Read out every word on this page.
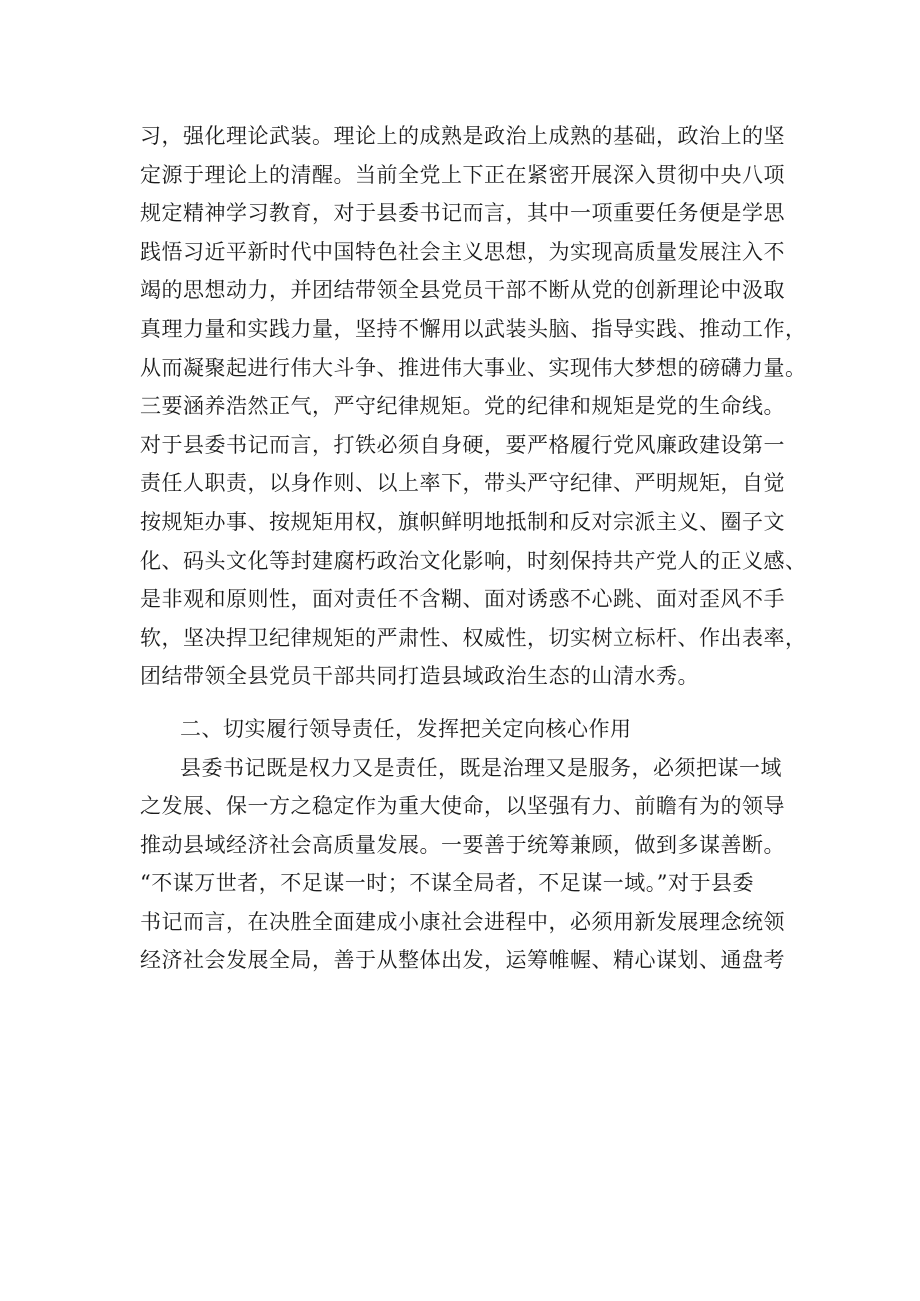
习，强化理论武装。理论上的成熟是政治上成熟的基础，政治上的坚
定源于理论上的清醒。当前全党上下正在紧密开展深入贯彻中央八项
规定精神学习教育，对于县委书记而言，其中一项重要任务便是学思
践悟习近平新时代中国特色社会主义思想，为实现高质量发展注入不
竭的思想动力，并团结带领全县党员干部不断从党的创新理论中汲取
真理力量和实践力量，坚持不懈用以武装头脑、指导实践、推动工作，
从而凝聚起进行伟大斗争、推进伟大事业、实现伟大梦想的磅礴力量。
三要涵养浩然正气，严守纪律规矩。党的纪律和规矩是党的生命线。
对于县委书记而言，打铁必须自身硬，要严格履行党风廉政建设第一
责任人职责，以身作则、以上率下，带头严守纪律、严明规矩，自觉
按规矩办事、按规矩用权，旗帜鲜明地抵制和反对宗派主义、圈子文
化、码头文化等封建腐朽政治文化影响，时刻保持共产党人的正义感、
是非观和原则性，面对责任不含糊、面对诱惑不心跳、面对歪风不手
软，坚决捍卫纪律规矩的严肃性、权威性，切实树立标杆、作出表率，
团结带领全县党员干部共同打造县域政治生态的山清水秀。
二、切实履行领导责任，发挥把关定向核心作用
县委书记既是权力又是责任，既是治理又是服务，必须把谋一域
之发展、保一方之稳定作为重大使命，以坚强有力、前瞻有为的领导
推动县域经济社会高质量发展。一要善于统筹兼顾，做到多谋善断。
“不谋万世者，不足谋一时；不谋全局者，不足谋一域。”对于县委
书记而言，在决胜全面建成小康社会进程中，必须用新发展理念统领
经济社会发展全局，善于从整体出发，运筹帷幄、精心谋划、通盘考
